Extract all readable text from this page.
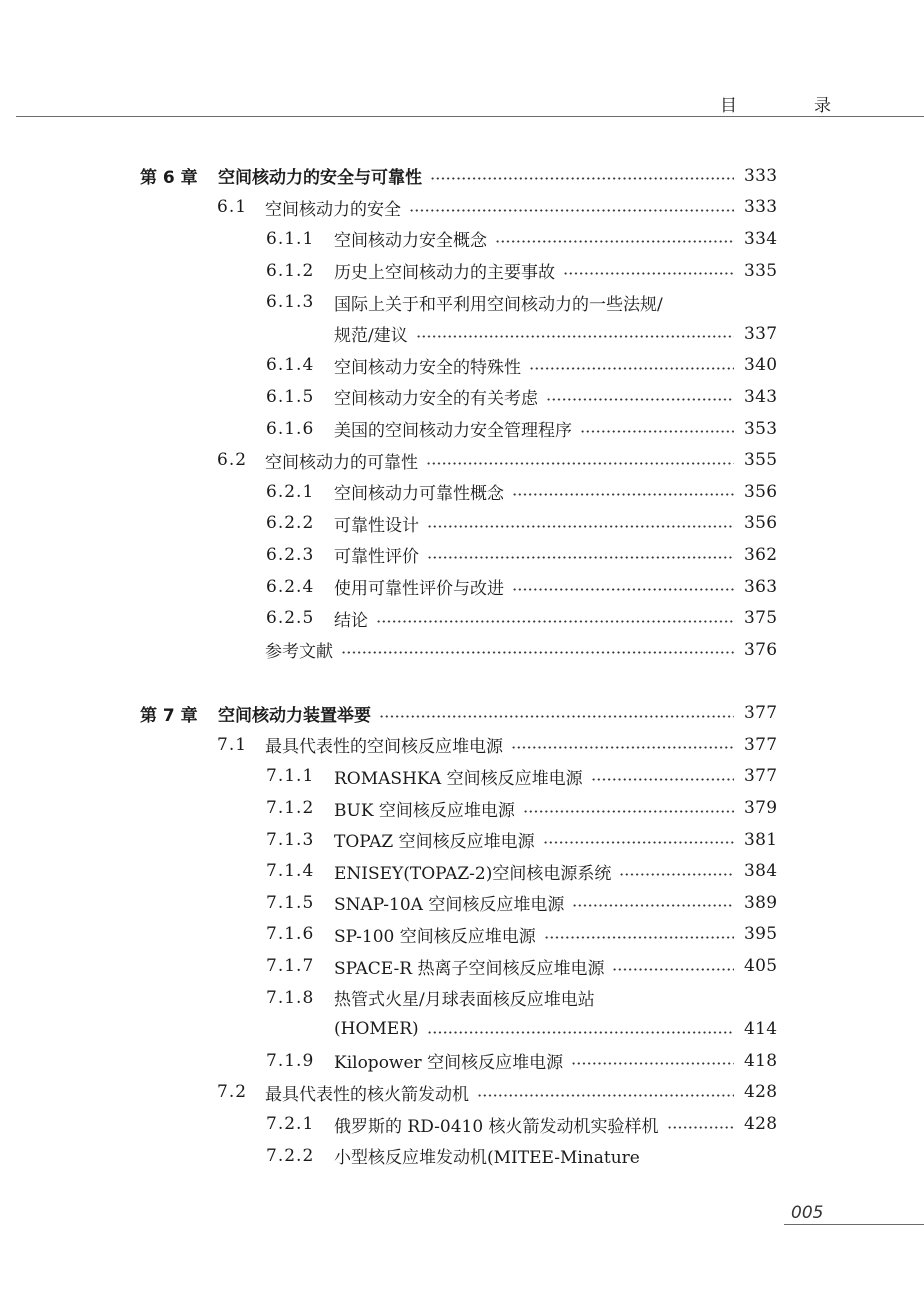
目　录
第 6 章	空间核动力的安全与可靠性	333
6.1	空间核动力的安全	333
6.1.1	空间核动力安全概念	334
6.1.2	历史上空间核动力的主要事故	335
6.1.3	国际上关于和平利用空间核动力的一些法规/
规范/建议	337
6.1.4	空间核动力安全的特殊性	340
6.1.5	空间核动力安全的有关考虑	343
6.1.6	美国的空间核动力安全管理程序	353
6.2	空间核动力的可靠性	355
6.2.1	空间核动力可靠性概念	356
6.2.2	可靠性设计	356
6.2.3	可靠性评价	362
6.2.4	使用可靠性评价与改进	363
6.2.5	结论	375
参考文献	376
第 7 章	空间核动力装置举要	377
7.1	最具代表性的空间核反应堆电源	377
7.1.1	ROMASHKA 空间核反应堆电源	377
7.1.2	BUK 空间核反应堆电源	379
7.1.3	TOPAZ 空间核反应堆电源	381
7.1.4	ENISEY(TOPAZ-2)空间核电源系统	384
7.1.5	SNAP-10A 空间核反应堆电源	389
7.1.6	SP-100 空间核反应堆电源	395
7.1.7	SPACE-R 热离子空间核反应堆电源	405
7.1.8	热管式火星/月球表面核反应堆电站
(HOMER)	414
7.1.9	Kilopower 空间核反应堆电源	418
7.2	最具代表性的核火箭发动机	428
7.2.1	俄罗斯的 RD-0410 核火箭发动机实验样机	428
7.2.2	小型核反应堆发动机(MITEE-Minature
005
